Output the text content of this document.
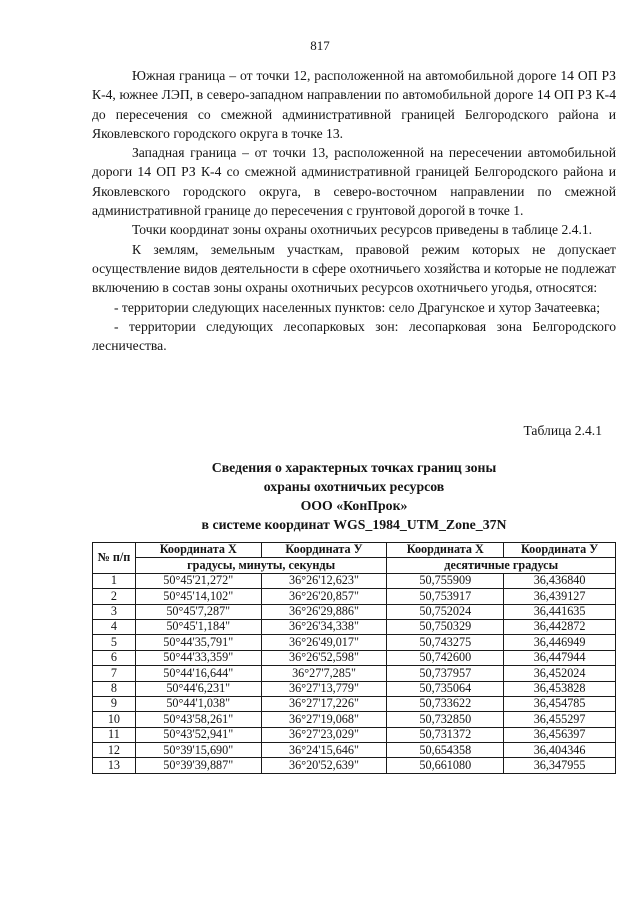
817

Южная граница – от точки 12, расположенной на автомобильной дороге 14 ОП РЗ К-4, южнее ЛЭП, в северо-западном направлении по автомобильной дороге 14 ОП РЗ К-4 до пересечения со смежной административной границей Белгородского района и Яковлевского городского округа в точке 13.

Западная граница – от точки 13, расположенной на пересечении автомобильной дороги 14 ОП РЗ К-4 со смежной административной границей Белгородского района и Яковлевского городского округа, в северо-восточном направлении по смежной административной границе до пересечения с грунтовой дорогой в точке 1.

Точки координат зоны охраны охотничьих ресурсов приведены в таблице 2.4.1.

К землям, земельным участкам, правовой режим которых не допускает осуществление видов деятельности в сфере охотничьего хозяйства и которые не подлежат включению в состав зоны охраны охотничьих ресурсов охотничьего угодья, относятся:

- территории следующих населенных пунктов: село Драгунское и хутор Зачатеевка;

- территории следующих лесопарковых зон: лесопарковая зона Белгородского лесничества.

Таблица 2.4.1
Сведения о характерных точках границ зоны
охраны охотничьих ресурсов
ООО «КонПрок»
в системе координат WGS_1984_UTM_Zone_37N
№ п/п	Координата Х	Координата У	Координата Х	Координата У
	градусы, минуты, секунды		десятичные градусы	
1	50°45'21,272"	36°26'12,623"	50,755909	36,436840
2	50°45'14,102"	36°26'20,857"	50,753917	36,439127
3	50°45'7,287"	36°26'29,886"	50,752024	36,441635
4	50°45'1,184"	36°26'34,338"	50,750329	36,442872
5	50°44'35,791"	36°26'49,017"	50,743275	36,446949
6	50°44'33,359"	36°26'52,598"	50,742600	36,447944
7	50°44'16,644"	36°27'7,285"	50,737957	36,452024
8	50°44'6,231"	36°27'13,779"	50,735064	36,453828
9	50°44'1,038"	36°27'17,226"	50,733622	36,454785
10	50°43'58,261"	36°27'19,068"	50,732850	36,455297
11	50°43'52,941"	36°27'23,029"	50,731372	36,456397
12	50°39'15,690"	36°24'15,646"	50,654358	36,404346
13	50°39'39,887"	36°20'52,639"	50,661080	36,347955
